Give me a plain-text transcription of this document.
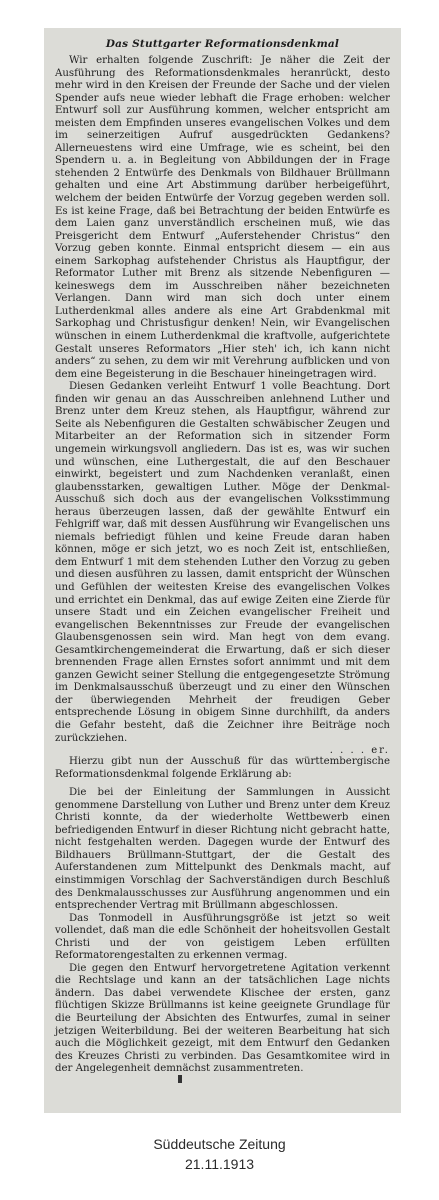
Das Stuttgarter Reformationsdenkmal

Wir erhalten folgende Zuschrift: Je näher die Zeit der Ausführung des Reformationsdenkmales heranrückt, desto mehr wird in den Kreisen der Freunde der Sache und der vielen Spender aufs neue wieder lebhaft die Frage erhoben: welcher Entwurf soll zur Ausführung kommen, welcher entspricht am meisten dem Empfinden unseres evangelischen Volkes und dem im seinerzeitigen Aufruf ausgedrückten Gedankens? Allerneuestens wird eine Umfrage, wie es scheint, bei den Spendern u. a. in Begleitung von Abbildungen der in Frage stehenden 2 Entwürfe des Denkmals von Bildhauer Brüllmann gehalten und eine Art Abstimmung darüber herbeigeführt, welchem der beiden Entwürfe der Vorzug gegeben werden soll. Es ist keine Frage, daß bei Betrachtung der beiden Entwürfe es dem Laien ganz unverständlich erscheinen muß, wie das Preisgericht dem Entwurf „Auferstehender Christus“ den Vorzug geben konnte. Einmal entspricht diesem — ein aus einem Sarkophag aufstehender Christus als Hauptfigur, der Reformator Luther mit Brenz als sitzende Nebenfiguren — keineswegs dem im Ausschreiben näher bezeichneten Verlangen. Dann wird man sich doch unter einem Lutherdenkmal alles andere als eine Art Grabdenkmal mit Sarkophag und Christusfigur denken! Nein, wir Evangelischen wünschen in einem Lutherdenkmal die kraftvolle, aufgerichtete Gestalt unseres Reformators „Hier steh' ich, ich kann nicht anders“ zu sehen, zu dem wir mit Verehrung aufblicken und von dem eine Begeisterung in die Beschauer hineingetragen wird.

Diesen Gedanken verleiht Entwurf 1 volle Beachtung. Dort finden wir genau an das Ausschreiben anlehnend Luther und Brenz unter dem Kreuz stehen, als Hauptfigur, während zur Seite als Nebenfiguren die Gestalten schwäbischer Zeugen und Mitarbeiter an der Reformation sich in sitzender Form ungemein wirkungsvoll angliedern. Das ist es, was wir suchen und wünschen, eine Luthergestalt, die auf den Beschauer einwirkt, begeistert und zum Nachdenken veranlaßt, einen glaubensstarken, gewaltigen Luther. Möge der Denkmal-Ausschuß sich doch aus der evangelischen Volksstimmung heraus überzeugen lassen, daß der gewählte Entwurf ein Fehlgriff war, daß mit dessen Ausführung wir Evangelischen uns niemals befriedigt fühlen und keine Freude daran haben können, möge er sich jetzt, wo es noch Zeit ist, entschließen, dem Entwurf 1 mit dem stehenden Luther den Vorzug zu geben und diesen ausführen zu lassen, damit entspricht der Wünschen und Gefühlen der weitesten Kreise des evangelischen Volkes und errichtet ein Denkmal, das auf ewige Zeiten eine Zierde für unsere Stadt und ein Zeichen evangelischer Freiheit und evangelischen Bekenntnisses zur Freude der evangelischen Glaubensgenossen sein wird. Man hegt von dem evang. Gesamtkirchengemeinderat die Erwartung, daß er sich dieser brennenden Frage allen Ernstes sofort annimmt und mit dem ganzen Gewicht seiner Stellung die entgegengesetzte Strömung im Denkmalsausschuß überzeugt und zu einer den Wünschen der überwiegenden Mehrheit der freudigen Geber entsprechende Lösung in obigem Sinne durchhilft, da anders die Gefahr besteht, daß die Zeichner ihre Beiträge noch zurückziehen.

. . . . er.

Hierzu gibt nun der Ausschuß für das württembergische Reformationsdenkmal folgende Erklärung ab:

Die bei der Einleitung der Sammlungen in Aussicht genommene Darstellung von Luther und Brenz unter dem Kreuz Christi konnte, da der wiederholte Wettbewerb einen befriedigenden Entwurf in dieser Richtung nicht gebracht hatte, nicht festgehalten werden. Dagegen wurde der Entwurf des Bildhauers Brüllmann-Stuttgart, der die Gestalt des Auferstandenen zum Mittelpunkt des Denkmals macht, auf einstimmigen Vorschlag der Sachverständigen durch Beschluß des Denkmalausschusses zur Ausführung angenommen und ein entsprechender Vertrag mit Brüllmann abgeschlossen.

Das Tonmodell in Ausführungsgröße ist jetzt so weit vollendet, daß man die edle Schönheit der hoheitsvollen Gestalt Christi und der von geistigem Leben erfüllten Reformatorengestalten zu erkennen vermag.

Die gegen den Entwurf hervorgetretene Agitation verkennt die Rechtslage und kann an der tatsächlichen Lage nichts ändern. Das dabei verwendete Klischee der ersten, ganz flüchtigen Skizze Brüllmanns ist keine geeignete Grundlage für die Beurteilung der Absichten des Entwurfes, zumal in seiner jetzigen Weiterbildung. Bei der weiteren Bearbeitung hat sich auch die Möglichkeit gezeigt, mit dem Entwurf den Gedanken des Kreuzes Christi zu verbinden. Das Gesamtkomitee wird in der Angelegenheit demnächst zusammentreten.

Süddeutsche Zeitung
21.11.1913
